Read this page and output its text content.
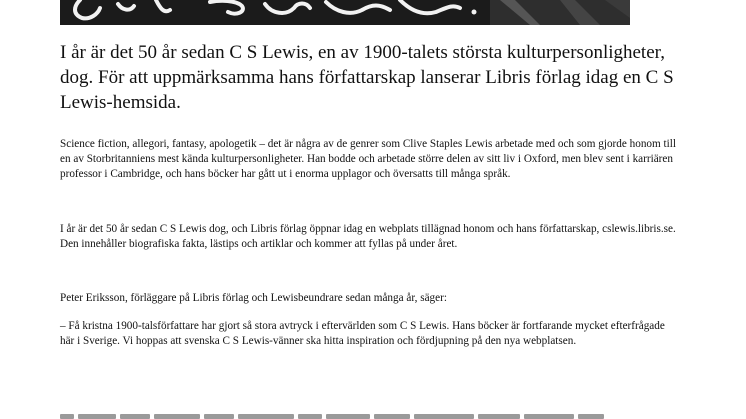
I år är det 50 år sedan C S Lewis, en av 1900-talets största kulturpersonligheter, dog. För att uppmärksamma hans författarskap lanserar Libris förlag idag en C S Lewis-hemsida.

Science fiction, allegori, fantasy, apologetik – det är några av de genrer som Clive Staples Lewis arbetade med och som gjorde honom till en av Storbritanniens mest kända kulturpersonligheter. Han bodde och arbetade större delen av sitt liv i Oxford, men blev sent i karriären professor i Cambridge, och hans böcker har gått ut i enorma upplagor och översatts till många språk.

I år är det 50 år sedan C S Lewis dog, och Libris förlag öppnar idag en webplats tillägnad honom och hans författarskap, cslewis.libris.se. Den innehåller biografiska fakta, lästips och artiklar och kommer att fyllas på under året.

Peter Eriksson, förläggare på Libris förlag och Lewisbeundrare sedan många år, säger:

– Få kristna 1900-talsförfattare har gjort så stora avtryck i eftervärlden som C S Lewis. Hans böcker är fortfarande mycket efterfrågade här i Sverige. Vi hoppas att svenska C S Lewis-vänner ska hitta inspiration och fördjupning på den nya webplatsen.
